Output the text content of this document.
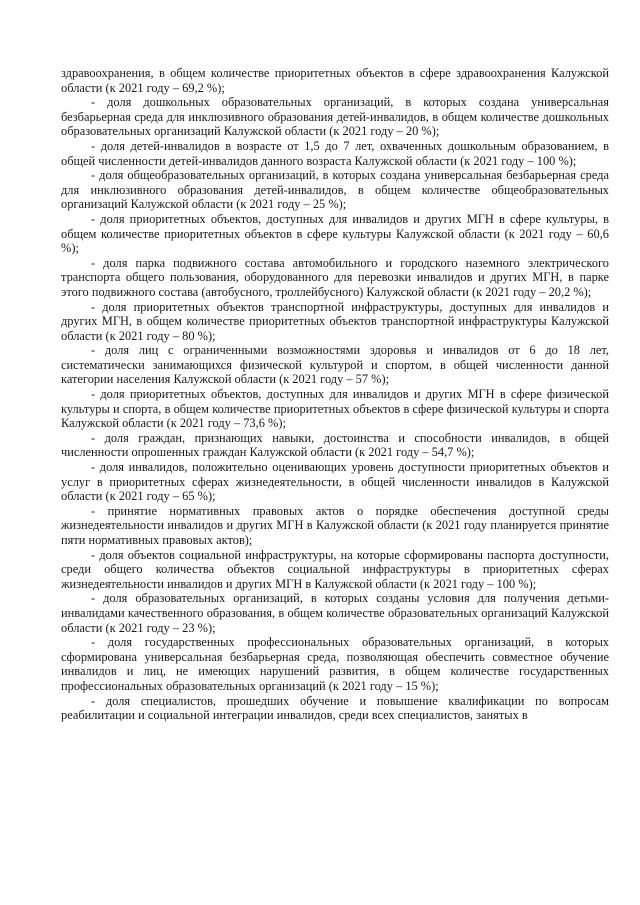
здравоохранения, в общем количестве приоритетных объектов в сфере здравоохранения Калужской области (к 2021 году – 69,2 %);

- доля дошкольных образовательных организаций, в которых создана универсальная безбарьерная среда для инклюзивного образования детей-инвалидов, в общем количестве дошкольных образовательных организаций Калужской области (к 2021 году – 20 %);

- доля детей-инвалидов в возрасте от 1,5 до 7 лет, охваченных дошкольным образованием, в общей численности детей-инвалидов данного возраста Калужской области (к 2021 году – 100 %);

- доля общеобразовательных организаций, в которых создана универсальная безбарьерная среда для инклюзивного образования детей-инвалидов, в общем количестве общеобразовательных организаций Калужской области (к 2021 году – 25 %);

- доля приоритетных объектов, доступных для инвалидов и других МГН в сфере культуры, в общем количестве приоритетных объектов в сфере культуры Калужской области (к 2021 году – 60,6 %);

- доля парка подвижного состава автомобильного и городского наземного электрического транспорта общего пользования, оборудованного для перевозки инвалидов и других МГН, в парке этого подвижного состава (автобусного, троллейбусного) Калужской области (к 2021 году – 20,2 %);

- доля приоритетных объектов транспортной инфраструктуры, доступных для инвалидов и других МГН, в общем количестве приоритетных объектов транспортной инфраструктуры Калужской области (к 2021 году – 80 %);

- доля лиц с ограниченными возможностями здоровья и инвалидов от 6 до 18 лет, систематически занимающихся физической культурой и спортом, в общей численности данной категории населения Калужской области (к 2021 году – 57 %);

- доля приоритетных объектов, доступных для инвалидов и других МГН в сфере физической культуры и спорта, в общем количестве приоритетных объектов в сфере физической культуры и спорта Калужской области (к 2021 году – 73,6 %);

- доля граждан, признающих навыки, достоинства и способности инвалидов, в общей численности опрошенных граждан Калужской области (к 2021 году – 54,7 %);

- доля инвалидов, положительно оценивающих уровень доступности приоритетных объектов и услуг в приоритетных сферах жизнедеятельности, в общей численности инвалидов в Калужской области (к 2021 году – 65 %);

- принятие нормативных правовых актов о порядке обеспечения доступной среды жизнедеятельности инвалидов и других МГН в Калужской области (к 2021 году планируется принятие пяти нормативных правовых актов);

- доля объектов социальной инфраструктуры, на которые сформированы паспорта доступности, среди общего количества объектов социальной инфраструктуры в приоритетных сферах жизнедеятельности инвалидов и других МГН в Калужской области (к 2021 году – 100 %);

- доля образовательных организаций, в которых созданы условия для получения детьми-инвалидами качественного образования, в общем количестве образовательных организаций Калужской области (к 2021 году – 23 %);

- доля государственных профессиональных образовательных организаций, в которых сформирована универсальная безбарьерная среда, позволяющая обеспечить совместное обучение инвалидов и лиц, не имеющих нарушений развития, в общем количестве государственных профессиональных образовательных организаций (к 2021 году – 15 %);

- доля специалистов, прошедших обучение и повышение квалификации по вопросам реабилитации и социальной интеграции инвалидов, среди всех специалистов, занятых в
